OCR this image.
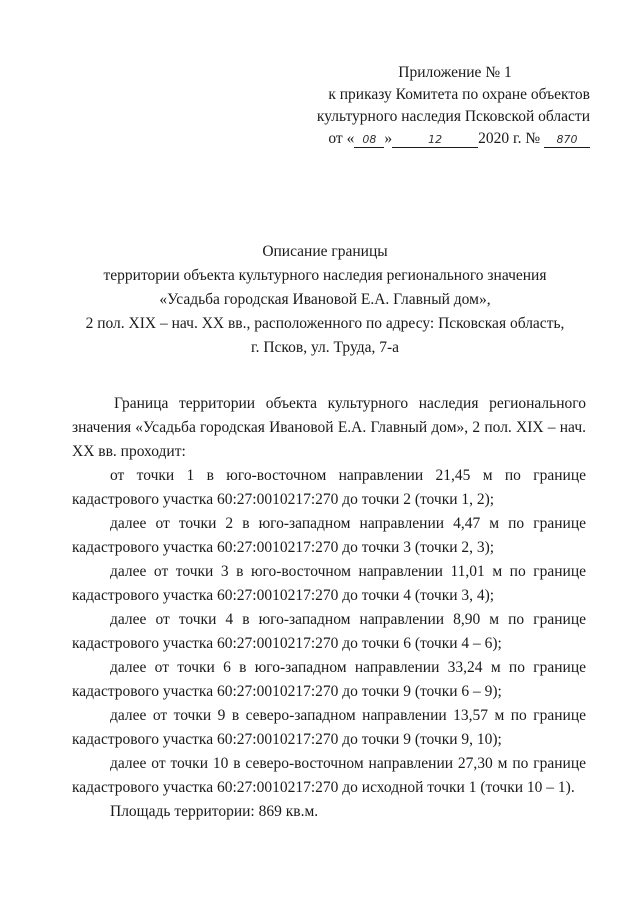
Приложение № 1
к приказу Комитета по охране объектов
культурного наследия Псковской области
от « 08 »	12 2020 г. № 870
Описание границы
территории объекта культурного наследия регионального значения
«Усадьба городская Ивановой Е.А. Главный дом»,
2 пол. XIX – нач. XX вв., расположенного по адресу: Псковская область,
г. Псков, ул. Труда, 7-а

Граница территории объекта культурного наследия регионального значения «Усадьба городская Ивановой Е.А. Главный дом», 2 пол. XIX – нач. XX вв. проходит:

от точки 1 в юго-восточном направлении 21,45 м по границе кадастрового участка 60:27:0010217:270 до точки 2 (точки 1, 2);

далее от точки 2 в юго-западном направлении 4,47 м по границе кадастрового участка 60:27:0010217:270 до точки 3 (точки 2, 3);

далее от точки 3 в юго-восточном направлении 11,01 м по границе кадастрового участка 60:27:0010217:270 до точки 4 (точки 3, 4);

далее от точки 4 в юго-западном направлении 8,90 м по границе кадастрового участка 60:27:0010217:270 до точки 6 (точки 4 – 6);

далее от точки 6 в юго-западном направлении 33,24 м по границе кадастрового участка 60:27:0010217:270 до точки 9 (точки 6 – 9);

далее от точки 9 в северо-западном направлении 13,57 м по границе кадастрового участка 60:27:0010217:270 до точки 9 (точки 9, 10);

далее от точки 10 в северо-восточном направлении 27,30 м по границе кадастрового участка 60:27:0010217:270 до исходной точки 1 (точки 10 – 1).

Площадь территории: 869 кв.м.
